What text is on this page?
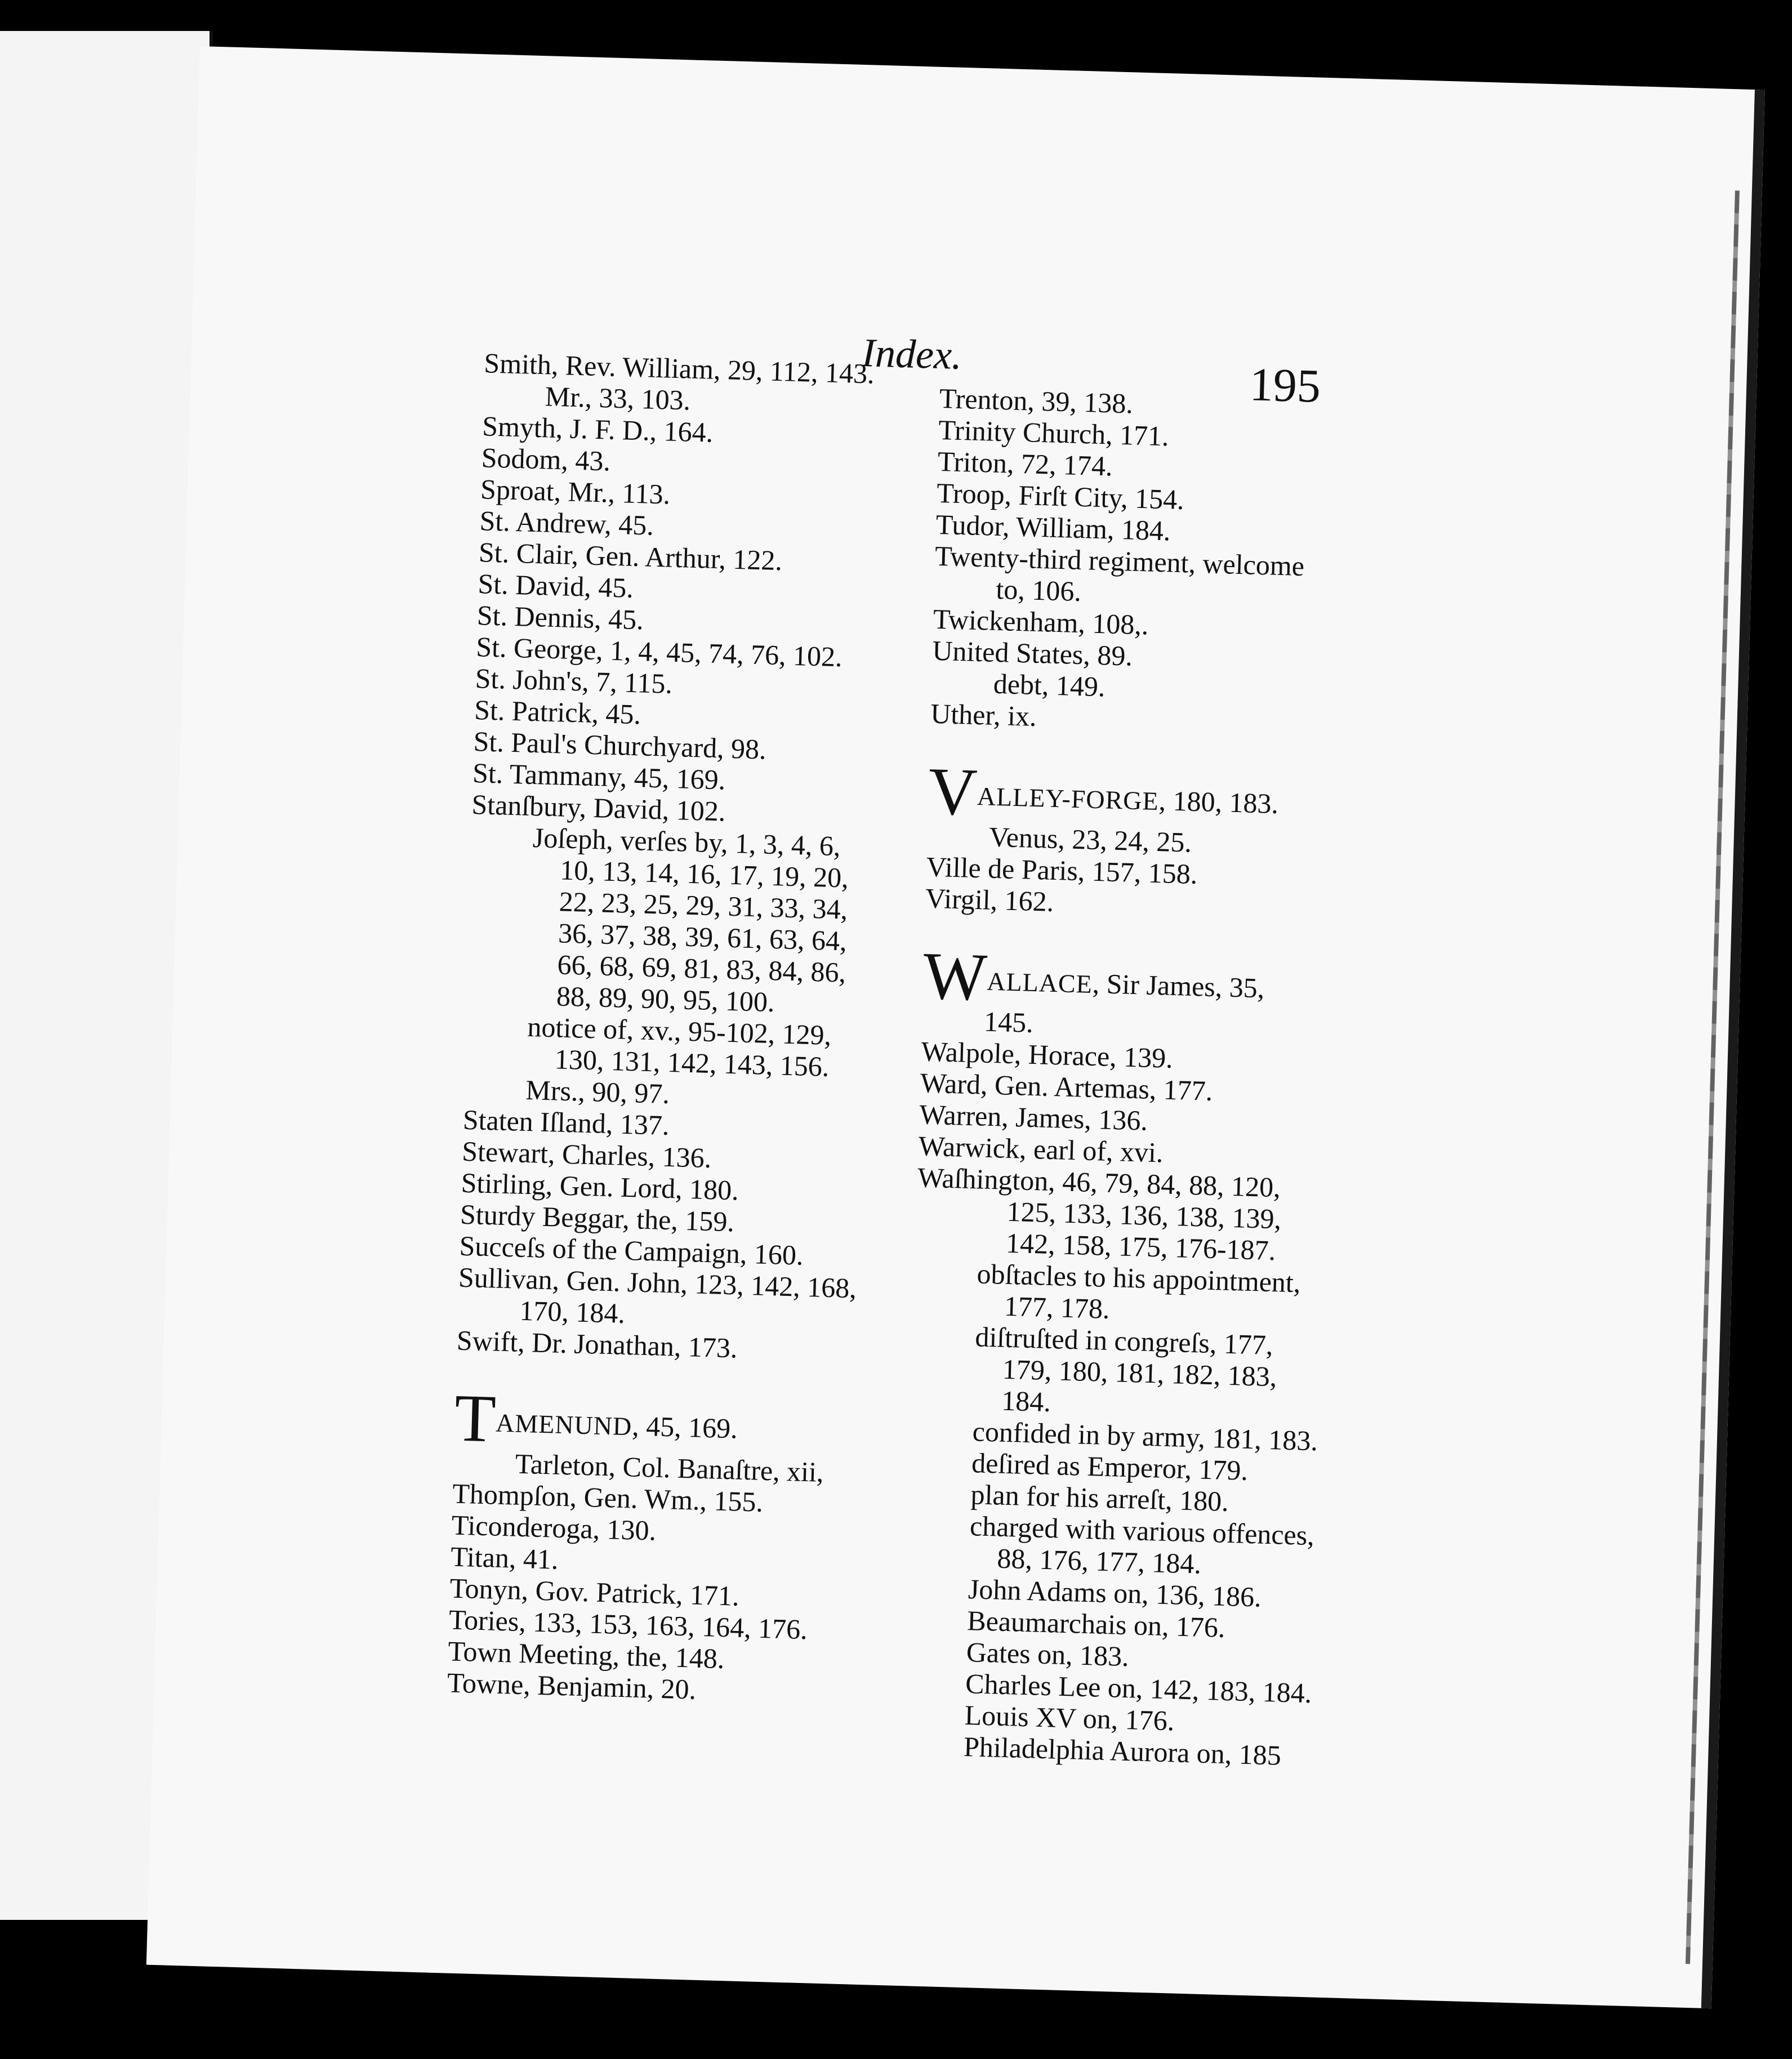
Index.
195
Smith, Rev. William, 29, 112, 143.
Mr., 33, 103.
Smyth, J. F. D., 164.
Sodom, 43.
Sproat, Mr., 113.
St. Andrew, 45.
St. Clair, Gen. Arthur, 122.
St. David, 45.
St. Dennis, 45.
St. George, 1, 4, 45, 74, 76, 102.
St. John's, 7, 115.
St. Patrick, 45.
St. Paul's Churchyard, 98.
St. Tammany, 45, 169.
Stanſbury, David, 102.
Joſeph, verſes by, 1, 3, 4, 6,
10, 13, 14, 16, 17, 19, 20,
22, 23, 25, 29, 31, 33, 34,
36, 37, 38, 39, 61, 63, 64,
66, 68, 69, 81, 83, 84, 86,
88, 89, 90, 95, 100.
notice of, xv., 95-102, 129,
130, 131, 142, 143, 156.
Mrs., 90, 97.
Staten Iſland, 137.
Stewart, Charles, 136.
Stirling, Gen. Lord, 180.
Sturdy Beggar, the, 159.
Succeſs of the Campaign, 160.
Sullivan, Gen. John, 123, 142, 168,
170, 184.
Swift, Dr. Jonathan, 173.
TAMENUND, 45, 169.
Tarleton, Col. Banaſtre, xii,
Thompſon, Gen. Wm., 155.
Ticonderoga, 130.
Titan, 41.
Tonyn, Gov. Patrick, 171.
Tories, 133, 153, 163, 164, 176.
Town Meeting, the, 148.
Towne, Benjamin, 20.
Trenton, 39, 138.
Trinity Church, 171.
Triton, 72, 174.
Troop, Firſt City, 154.
Tudor, William, 184.
Twenty-third regiment, welcome
to, 106.
Twickenham, 108,.
United States, 89.
debt, 149.
Uther, ix.
VALLEY-FORGE, 180, 183.
Venus, 23, 24, 25.
Ville de Paris, 157, 158.
Virgil, 162.
WALLACE, Sir James, 35,
145.
Walpole, Horace, 139.
Ward, Gen. Artemas, 177.
Warren, James, 136.
Warwick, earl of, xvi.
Waſhington, 46, 79, 84, 88, 120,
125, 133, 136, 138, 139,
142, 158, 175, 176-187.
obſtacles to his appointment,
177, 178.
diſtruſted in congreſs, 177,
179, 180, 181, 182, 183,
184.
confided in by army, 181, 183.
deſired as Emperor, 179.
plan for his arreſt, 180.
charged with various offences,
88, 176, 177, 184.
John Adams on, 136, 186.
Beaumarchais on, 176.
Gates on, 183.
Charles Lee on, 142, 183, 184.
Louis XV on, 176.
Philadelphia Aurora on, 185
